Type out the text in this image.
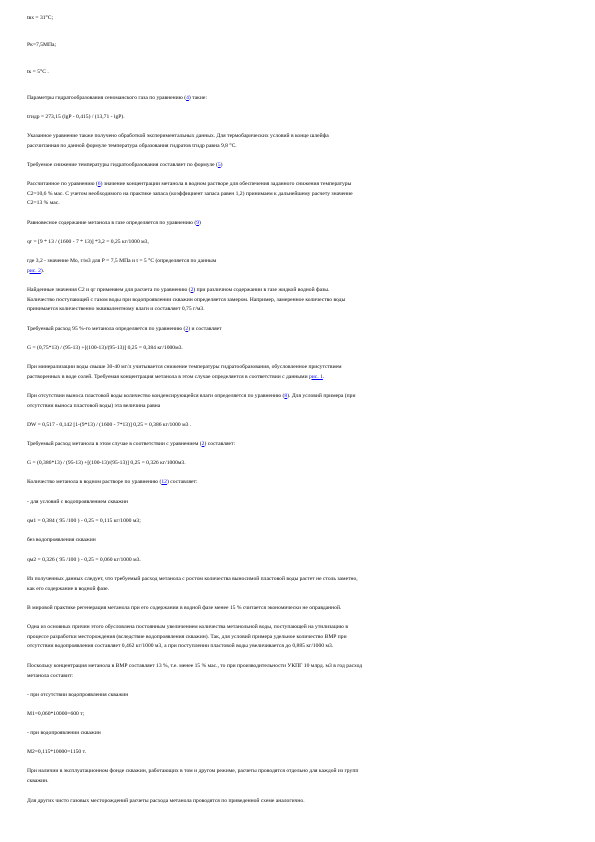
tвх = 31°С;
Рк=7,5МПа;
tк = 5°С .
Параметры гидратообразования сеноманского газа по уравнению (4) такие:
tгидр = 273,15 (lgP - 0,415) / (13,71 - lgP).
Указанное уравнение также получено обработкой экспериментальных данных. Для термобарических условий в конце шлейфа
рассчитанная по данной формуле температура образования гидратов tгидр равна 9,8 °С.
Требуемое снижение температуры гидратообразования составляет по формуле (5)
Рассчитанное по уравнению (6) значение концентрации метанола в водном растворе для обеспечения заданного снижения температуры
С2=10,6 % мас. С учетом необходимого на практике запаса (коэффициент запаса равен 1,2) принимаем к дальнейшему расчету значение
С2=13 % мас.
Равновесное содержание метанола в газе определяется по уравнению (9)
qг = [9 * 13 / (1600 - 7 * 13)] *3,2 = 0,25 кг/1000 м3,
где 3,2 - значение Мо, г/м3 для Р = 7,5 МПа и t = 5 °С (определяется по данным
рис. 2).
Найденные значения С2 и qг применяем для расчета по уравнению (2) при различном содержании в газе жидкой водной фазы.
Количество поступающей с газом воды при водопроявлении скважин определяется замером. Например, замеренное количество воды
принимается количественно эквивалентному влаги и составляет 0,75 г/м3.
Требуемый расход 95 %-го метанола определяется по уравнению (2) и составляет
G = (0,75*13) / (95-13) +[(100-13)/(95-13)] 0,25 = 0,384 кг/1000м3.
При минерализации воды свыше 30-40 мг/л учитывается снижение температуры гидратообразования, обусловленное присутствием
растворенных в воде солей. Требуемая концентрация метанола в этом случае определяется в соответствии с данными рис. 1.
При отсутствии выноса пластовой воды количество конденсирующейся влаги определяется по уравнению (8). Для условий примера (при
отсутствии выноса пластовой воды) эта величина равна
DW = 0,517 - 0,142 [1-(9*13) / (1600 - 7*13)] 0,25 = 0,386 кг/1000 м3 .
Требуемый расход метанола в этом случае в соответствии с уравнением (2) составляет:
G = (0,386*13) / (95-13) +[(100-13)/(95-13)] 0,25 = 0,326 кг/1000м3.
Количество метанола в водном растворе по уравнению (12) составляет:
- для условий с водопроявлением скважин
qм1 = 0,384 ( 95 /100 ) - 0,25 = 0,115 кг/1000 м3;
без водопроявления скважин
qм2 = 0,326 ( 95 /100 ) - 0,25 = 0,060 кг/1000 м3.
Из полученных данных следует, что требуемый расход метанола с ростом количества выносимой пластовой воды растет не столь заметно,
как его содержание в водной фазе.
В мировой практике регенерация метанола при его содержании в водной фазе менее 15 % считается экономически не оправданной.
Одна из основных причин этого обусловлена постоянным увеличением количества метанольной воды, поступающей на утилизацию в
процессе разработки месторождения (вследствие водопроявления скважин). Так, для условий примера удельное количество ВМР при
отсутствии водопроявления составляет 0,462 кг/1000 м3, а при поступлении пластовой воды увеличивается до 0,885 кг/1000 м3.
Поскольку концентрация метанола в ВМР составляет 13 %, т.е. менее 15 % мас., то при производительности УКПГ 10 млрд. м3 в год расход
метанола составит:
- при отсутствии водопроявления скважин
М1=0,060*10000=600 т;
- при водопроявлении скважин
М2=0,115*10000=1150 т.
При наличии в эксплуатационном фонде скважин, работающих в том и другом режиме, расчеты проводятся отдельно для каждой из групп
скважин.
Для других чисто газовых месторождений расчеты расхода метанола проводятся по приведенной схеме аналогично.
